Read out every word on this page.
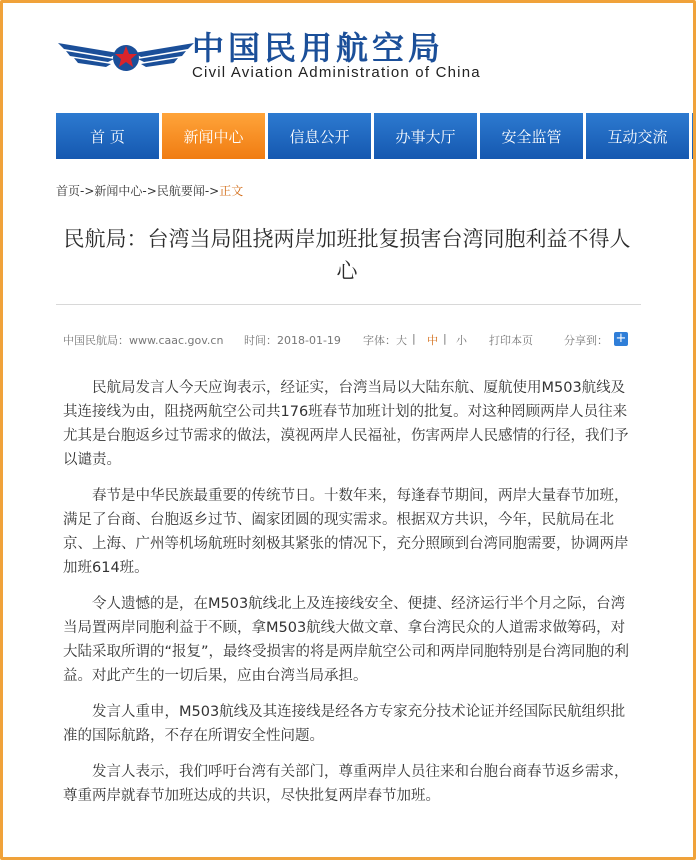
中国民用航空局
Civil Aviation Administration of China
首 页	新闻中心	信息公开	办事大厅	安全监管	互动交流
首页->新闻中心->民航要闻->正文
民航局：台湾当局阻挠两岸加班批复损害台湾同胞利益不得人心
中国民航局：www.caac.gov.cn 时间：2018-01-19 字体： 大 | 中 | 小 打印本页	分享到： +

民航局发言人今天应询表示，经证实，台湾当局以大陆东航、厦航使用M503航线及其连接线为由，阻挠两航空公司共176班春节加班计划的批复。对这种罔顾两岸人员往来尤其是台胞返乡过节需求的做法，漠视两岸人民福祉，伤害两岸人民感情的行径，我们予以谴责。

春节是中华民族最重要的传统节日。十数年来，每逢春节期间，两岸大量春节加班，满足了台商、台胞返乡过节、阖家团圆的现实需求。根据双方共识，今年，民航局在北京、上海、广州等机场航班时刻极其紧张的情况下，充分照顾到台湾同胞需要，协调两岸加班614班。

令人遗憾的是，在M503航线北上及连接线安全、便捷、经济运行半个月之际，台湾当局置两岸同胞利益于不顾，拿M503航线大做文章、拿台湾民众的人道需求做筹码，对大陆采取所谓的“报复”，最终受损害的将是两岸航空公司和两岸同胞特别是台湾同胞的利益。对此产生的一切后果，应由台湾当局承担。

发言人重申，M503航线及其连接线是经各方专家充分技术论证并经国际民航组织批准的国际航路，不存在所谓安全性问题。

发言人表示，我们呼吁台湾有关部门，尊重两岸人员往来和台胞台商春节返乡需求，尊重两岸就春节加班达成的共识，尽快批复两岸春节加班。
